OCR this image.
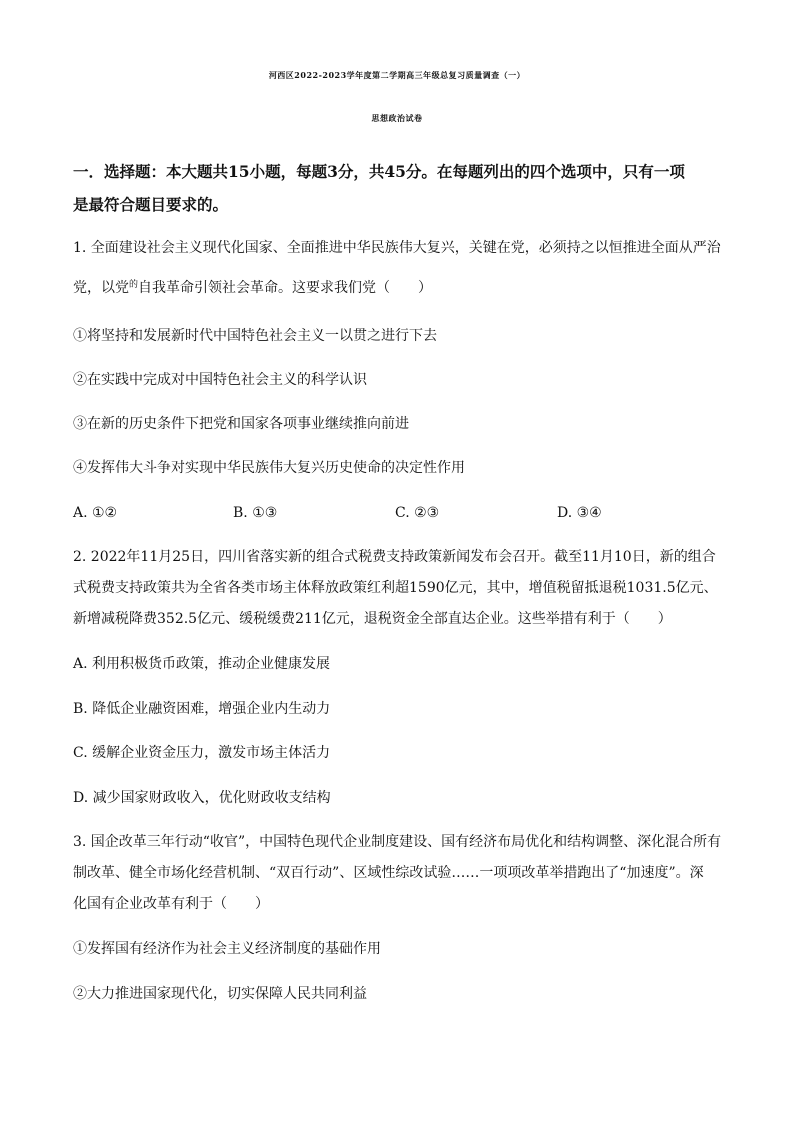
河西区2022-2023学年度第二学期高三年级总复习质量调查（一）
思想政治试卷
一．选择题：本大题共15小题，每题3分，共45分。在每题列出的四个选项中，只有一项
是最符合题目要求的。
1. 全面建设社会主义现代化国家、全面推进中华民族伟大复兴，关键在党，必须持之以恒推进全面从严治
党，以党$^的$自我革命引领社会革命。这要求我们党（　　）
①将坚持和发展新时代中国特色社会主义一以贯之进行下去
②在实践中完成对中国特色社会主义的科学认识
③在新的历史条件下把党和国家各项事业继续推向前进
④发挥伟大斗争对实现中华民族伟大复兴历史使命的决定性作用
A. ①②	B. ①③	C. ②③	D. ③④
2. 2022年11月25日，四川省落实新的组合式税费支持政策新闻发布会召开。截至11月10日，新的组合
式税费支持政策共为全省各类市场主体释放政策红利超1590亿元，其中，增值税留抵退税1031.5亿元、
新增减税降费352.5亿元、缓税缓费211亿元，退税资金全部直达企业。这些举措有利于（　　）
A. 利用积极货币政策，推动企业健康发展
B. 降低企业融资困难，增强企业内生动力
C. 缓解企业资金压力，激发市场主体活力
D. 减少国家财政收入，优化财政收支结构
3. 国企改革三年行动“收官”，中国特色现代企业制度建设、国有经济布局优化和结构调整、深化混合所有
制改革、健全市场化经营机制、“双百行动”、区域性综改试验……一项项改革举措跑出了“加速度”。深
化国有企业改革有利于（　　）
①发挥国有经济作为社会主义经济制度的基础作用
②大力推进国家现代化，切实保障人民共同利益
